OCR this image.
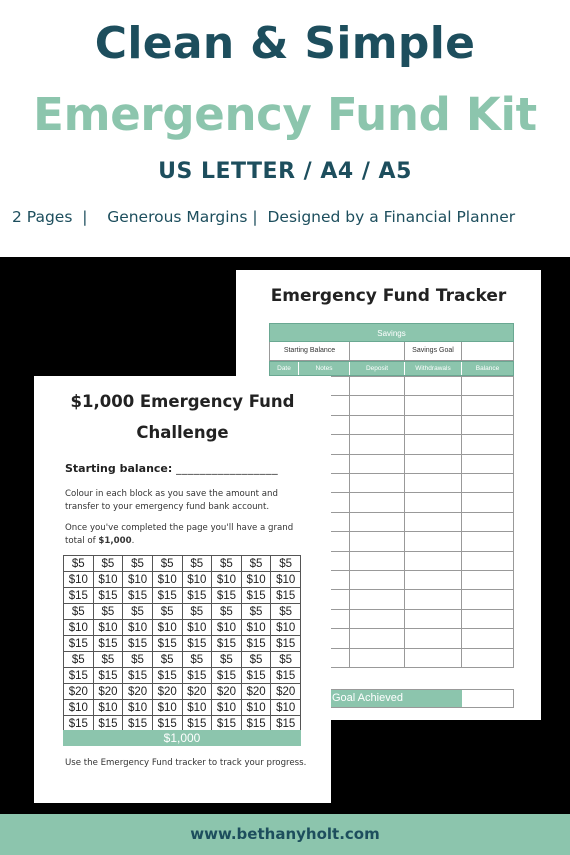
Clean & Simple
Emergency Fund Kit
US LETTER / A4 / A5
2 Pages  |    Generous Margins |  Designed by a Financial Planner
Emergency Fund Tracker
Savings
Starting Balance	Savings Goal
Date	Notes	Deposit	Withdrawals	Balance
Goal Achieved
$1,000 Emergency Fund Challenge
Starting balance: _________________
Colour in each block as you save the amount and transfer to your emergency fund bank account.
Once you've completed the page you'll have a grand total of $1,000.
$5	$5	$5	$5	$5	$5	$5	$5
$10	$10	$10	$10	$10	$10	$10	$10
$15	$15	$15	$15	$15	$15	$15	$15
$5	$5	$5	$5	$5	$5	$5	$5
$10	$10	$10	$10	$10	$10	$10	$10
$15	$15	$15	$15	$15	$15	$15	$15
$5	$5	$5	$5	$5	$5	$5	$5
$15	$15	$15	$15	$15	$15	$15	$15
$20	$20	$20	$20	$20	$20	$20	$20
$10	$10	$10	$10	$10	$10	$10	$10
$15	$15	$15	$15	$15	$15	$15	$15
$1,000
Use the Emergency Fund tracker to track your progress.
www.bethanyholt.com
